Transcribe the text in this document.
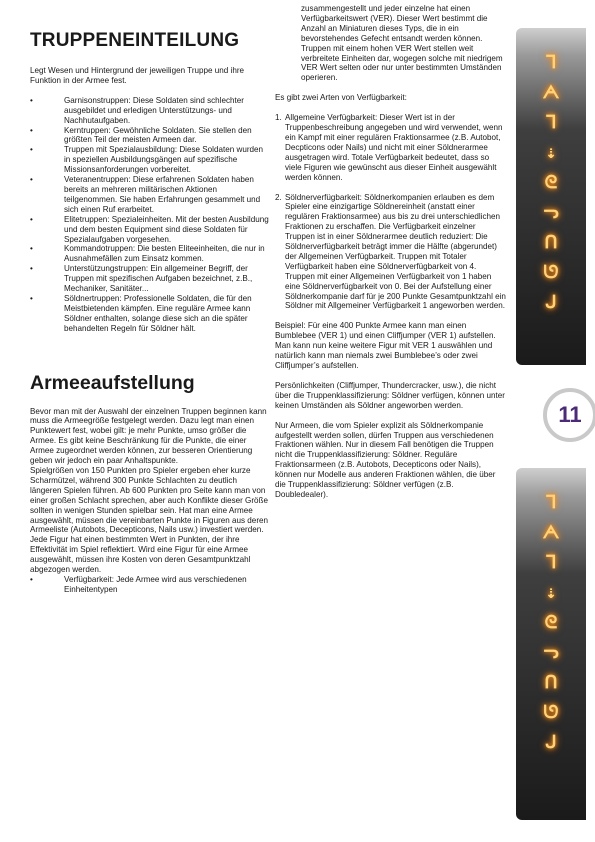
TRUPPENEINTEILUNG

Legt Wesen und Hintergrund der jeweiligen Truppe und ihre Funktion in der Armee fest.

• Garnisonstruppen: Diese Soldaten sind schlechter ausgebildet und erledigen Unterstützungs- und Nachhutaufgaben.
• Kerntruppen: Gewöhnliche Soldaten. Sie stellen den größten Teil der meisten Armeen dar.
• Truppen mit Spezialausbildung: Diese Soldaten wurden in speziellen Ausbildungsgängen auf spezifische Missionsanforderungen vorbereitet.
• Veteranentruppen: Diese erfahrenen Soldaten haben bereits an mehreren militärischen Aktionen teilgenommen. Sie haben Erfahrungen gesammelt und sich einen Ruf erarbeitet.
• Elitetruppen: Spezialeinheiten. Mit der besten Ausbildung und dem besten Equipment sind diese Soldaten für Spezialaufgaben vorgesehen.
• Kommandotruppen: Die besten Eliteeinheiten, die nur in Ausnahmefällen zum Einsatz kommen.
• Unterstützungstruppen: Ein allgemeiner Begriff, der Truppen mit spezifischen Aufgaben bezeichnet, z.B., Mechaniker, Sanitäter...
• Söldnertruppen: Professionelle Soldaten, die für den Meistbietenden kämpfen. Eine reguläre Armee kann Söldner enthalten, solange diese sich an die später behandelten Regeln für Söldner hält.
Armeeaufstellung

Bevor man mit der Auswahl der einzelnen Truppen beginnen kann muss die Armeegröße festgelegt werden. Dazu legt man einen Punktewert fest, wobei gilt: je mehr Punkte, umso größer die Armee. Es gibt keine Beschränkung für die Punkte, die einer Armee zugeordnet werden können, zur besseren Orientierung geben wir jedoch ein paar Anhaltspunkte.

Spielgrößen von 150 Punkten pro Spieler ergeben eher kurze Scharmützel, während 300 Punkte Schlachten zu deutlich längeren Spielen führen. Ab 600 Punkten pro Seite kann man von einer großen Schlacht sprechen, aber auch Konflikte dieser Größe sollten in wenigen Stunden spielbar sein. Hat man eine Armee ausgewählt, müssen die vereinbarten Punkte in Figuren aus deren Armeeliste (Autobots, Decepticons, Nails usw.) investiert werden. Jede Figur hat einen bestimmten Wert in Punkten, der ihre Effektivität im Spiel reflektiert. Wird eine Figur für eine Armee ausgewählt, müssen ihre Kosten von deren Gesamtpunktzahl abgezogen werden.

• Verfügbarkeit: Jede Armee wird aus verschiedenen Einheitentypen

zusammengestellt und jeder einzelne hat einen Verfügbarkeitswert (VER). Dieser Wert bestimmt die Anzahl an Miniaturen dieses Typs, die in ein bevorstehendes Gefecht entsandt werden können. Truppen mit einem hohen VER Wert stellen weit verbreitete Einheiten dar, wogegen solche mit niedrigem VER Wert selten oder nur unter bestimmten Umständen operieren.

Es gibt zwei Arten von Verfügbarkeit:

1. Allgemeine Verfügbarkeit: Dieser Wert ist in der Truppenbeschreibung angegeben und wird verwendet, wenn ein Kampf mit einer regulären Fraktionsarmee (z.B. Autobot, Decpticons oder Nails) und nicht mit einer Söldnerarmee ausgetragen wird. Totale Verfügbarkeit bedeutet, dass so viele Figuren wie gewünscht aus dieser Einheit ausgewählt werden können.
2. Söldnerverfügbarkeit: Söldnerkompanien erlauben es dem Spieler eine einzigartige Söldnereinheit (anstatt einer regulären Fraktionsarmee) aus bis zu drei unterschiedlichen Fraktionen zu erschaffen. Die Verfügbarkeit einzelner Truppen ist in einer Söldnerarmee deutlich reduziert: Die Söldnerverfügbarkeit beträgt immer die Hälfte (abgerundet) der Allgemeinen Verfügbarkeit. Truppen mit Totaler Verfügbarkeit haben eine Söldnerverfügbarkeit von 4. Truppen mit einer Allgemeinen Verfügbarkeit von 1 haben eine Söldnerverfügbarkeit von 0. Bei der Aufstellung einer Söldnerkompanie darf für je 200 Punkte Gesamtpunktzahl ein Söldner mit Allgemeiner Verfügbarkeit 1 angeworben werden.

Beispiel: Für eine 400 Punkte Armee kann man einen Bumblebee (VER 1) und einen Cliffjumper (VER 1) aufstellen. Man kann nun keine weitere Figur mit VER 1 auswählen und natürlich kann man niemals zwei Bumblebee’s oder zwei Cliffjumper’s aufstellen.

Persönlichkeiten (Cliffjumper, Thundercracker, usw.), die nicht über die Truppenklassifizierung: Söldner verfügen, können unter keinen Umständen als Söldner angeworben werden.

Nur Armeen, die vom Spieler explizit als Söldnerkompanie aufgestellt werden sollen, dürfen Truppen aus verschiedenen Fraktionen wählen. Nur in diesem Fall benötigen die Truppen nicht die Truppenklassifizierung: Söldner. Reguläre Fraktionsarmeen (z.B. Autobots, Decepticons oder Nails), können nur Modelle aus anderen Fraktionen wählen, die über die Truppenklassifizierung: Söldner verfügen (z.B. Doubledealer).

ᒣ
ᗅ
ᒣ
⇣
ᘓ
ᓓ
ᑎ
ᘎ
ᒍ
11
ᒣ
ᗅ
ᒣ
⇣
ᘓ
ᓓ
ᑎ
ᘎ
ᒍ
